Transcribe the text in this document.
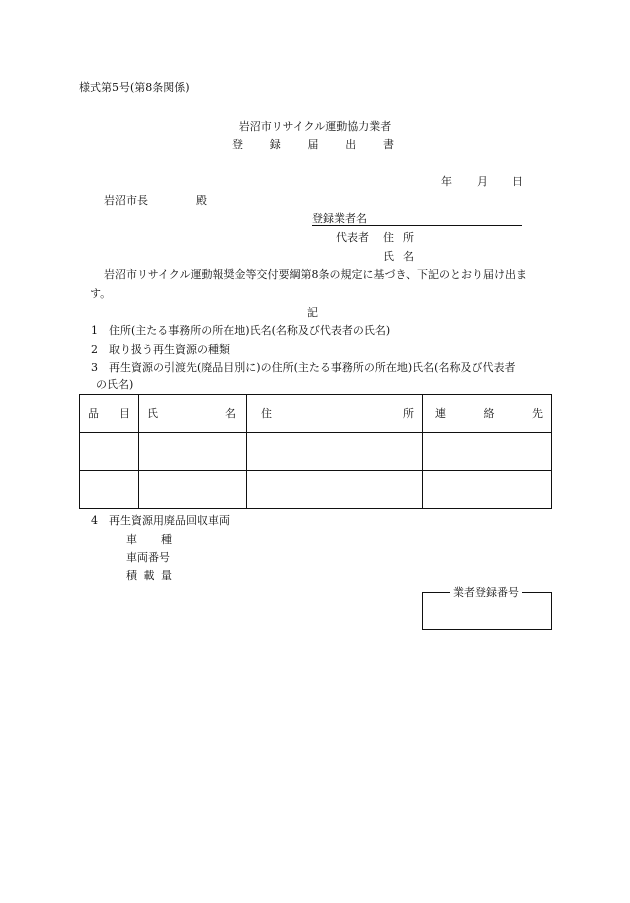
様式第5号(第8条関係)
岩沼市リサイクル運動協力業者
登 録 届 出 書
年 月 日
岩沼市長	殿
登録業者名
代表者 住 所
氏 名
岩沼市リサイクル運動報奨金等交付要綱第8条の規定に基づき、下記のとおり届け出ま
す。
記
1 住所(主たる事務所の所在地)氏名(名称及び代表者の氏名)
2 取り扱う再生資源の種類
3 再生資源の引渡先(廃品目別に)の住所(主たる事務所の所在地)氏名(名称及び代表者
の氏名)
品 目	氏 名	住 所	連 絡 先

4 再生資源用廃品回収車両
車 種
車両番号
積 載 量
業者登録番号
